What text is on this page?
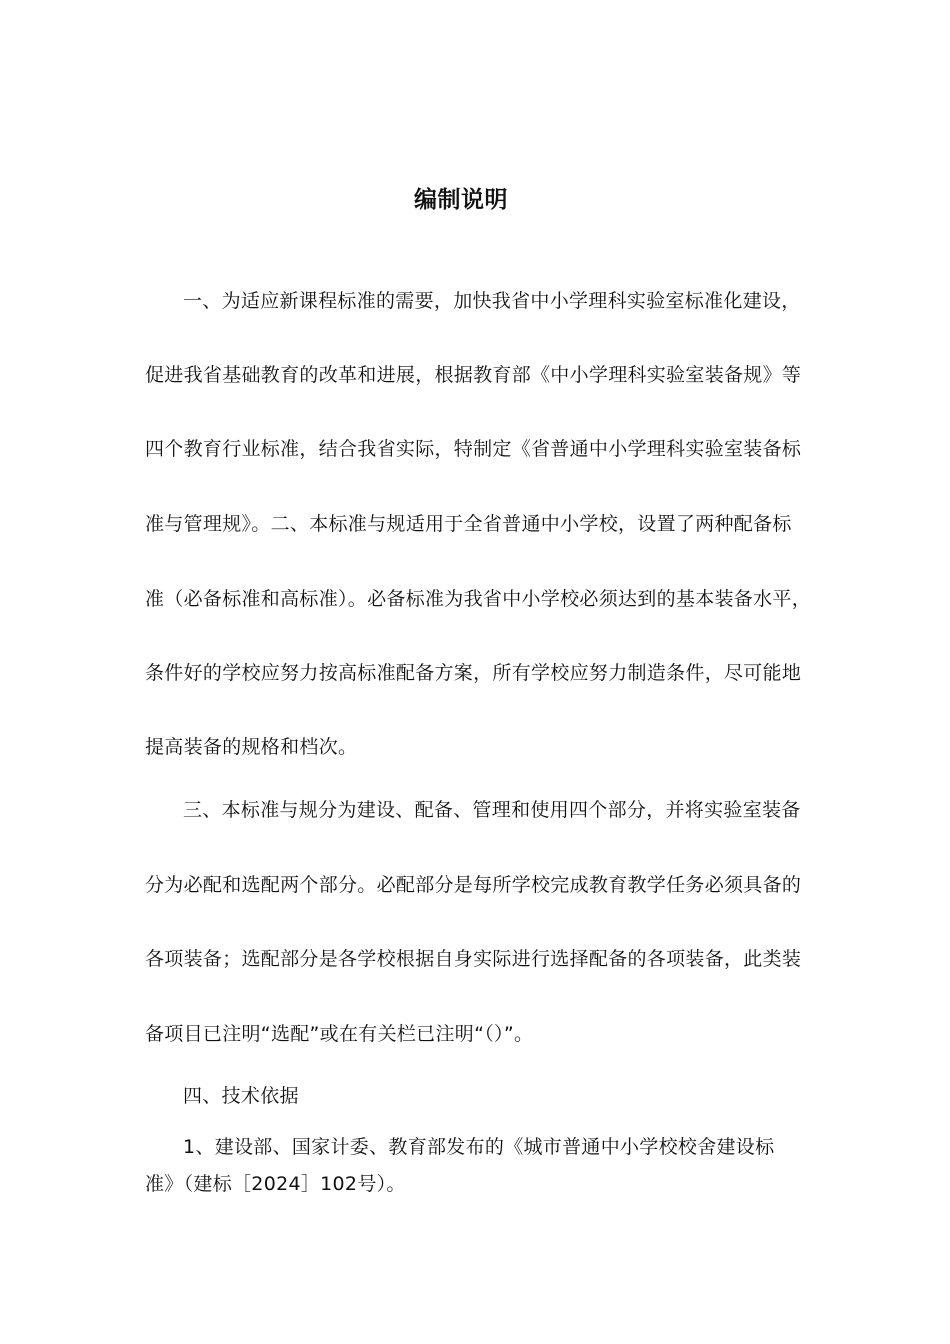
编制说明
一、为适应新课程标准的需要，加快我省中小学理科实验室标准化建设，
促进我省基础教育的改革和进展，根据教育部《中小学理科实验室装备规》等
四个教育行业标准，结合我省实际，特制定《省普通中小学理科实验室装备标
准与管理规》。二、本标准与规适用于全省普通中小学校，设置了两种配备标
准（必备标准和高标准）。必备标准为我省中小学校必须达到的基本装备水平，
条件好的学校应努力按高标准配备方案，所有学校应努力制造条件，尽可能地
提高装备的规格和档次。
三、本标准与规分为建设、配备、管理和使用四个部分，并将实验室装备
分为必配和选配两个部分。必配部分是每所学校完成教育教学任务必须具备的
各项装备；选配部分是各学校根据自身实际进行选择配备的各项装备，此类装
备项目已注明“选配”或在有关栏已注明“（）”。
四、技术依据
1、建设部、国家计委、教育部发布的《城市普通中小学校校舍建设标
准》（建标［2024］102号）。
